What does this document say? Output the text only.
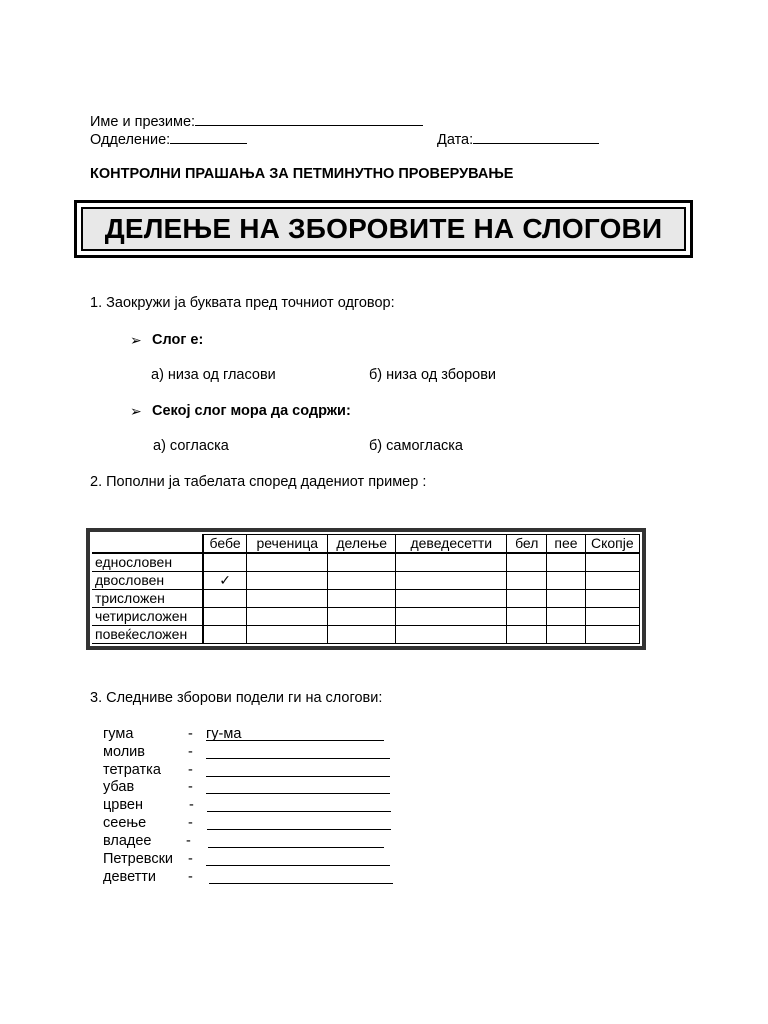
Име и презиме:
Одделение:	Дата:
КОНТРОЛНИ ПРАШАЊА ЗА ПЕТМИНУТНО ПРОВЕРУВАЊЕ
ДЕЛЕЊЕ НА ЗБОРОВИТЕ НА СЛОГОВИ
1. Заокружи ја буквата пред точниот одговор:
➢ Слог е:
а) низа од гласови	б) низа од зборови
➢ Секој слог мора да содржи:
а) согласка	б) самогласка
2. Пополни ја табелата според дадениот пример :
	бебе	реченица	делење	деведесетти	бел	пее	Скопје
еднословен							
двословен	✓						
трисложен							
четирисложен							
повеќесложен							
3. Следниве зборови подели ги на слогови:
гума	- гу-ма
молив	-
тетратка -
убав	-
црвен	-
сеење	-
владее -
Петревски -
деветти -
